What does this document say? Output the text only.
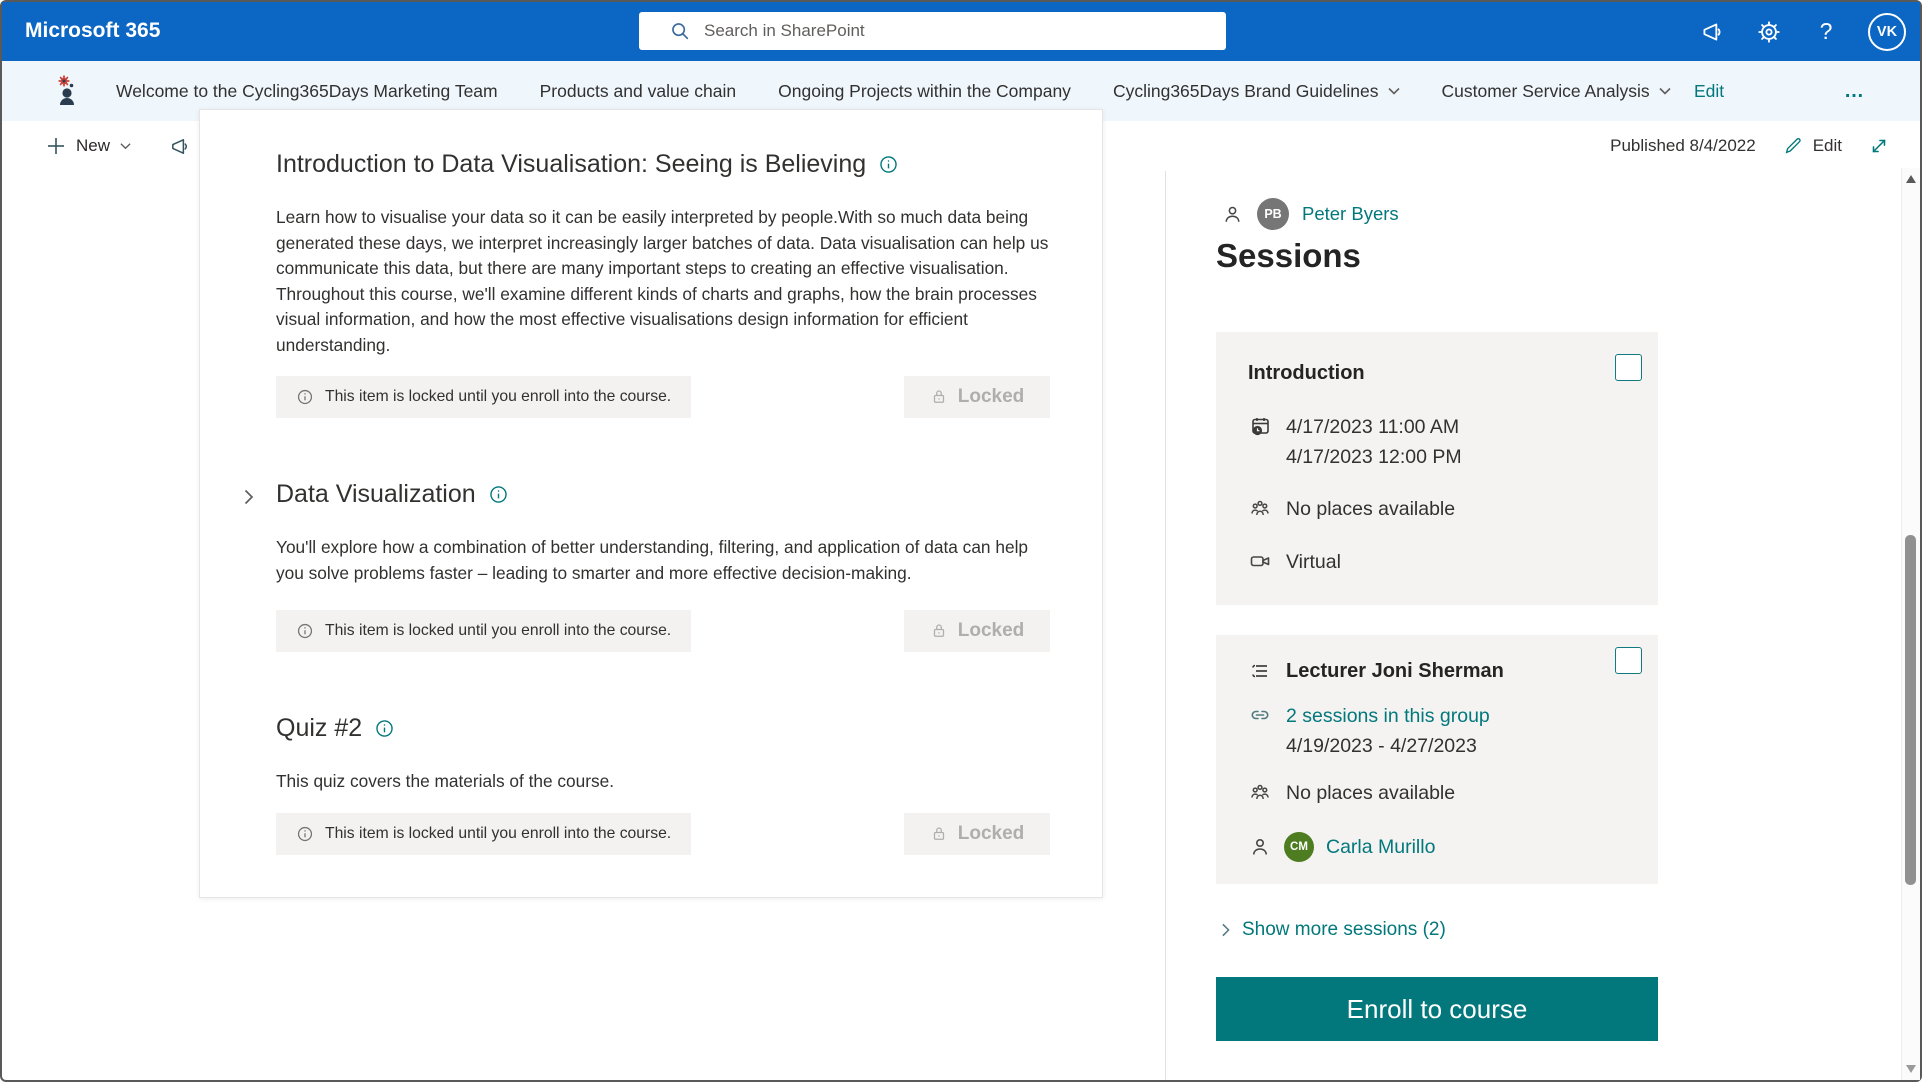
Microsoft 365
Search in SharePoint	?	VK
Welcome to the Cycling365Days Marketing Team Products and value chain Ongoing Projects within the Company Cycling365Days Brand Guidelines	Customer Service Analysis	Edit	…
New	Published 8/4/2022	Edit
Introduction to Data Visualisation: Seeing is Believing

Learn how to visualise your data so it can be easily interpreted by people.With so much data being generated these days, we interpret increasingly larger batches of data. Data visualisation can help us communicate this data, but there are many important steps to creating an effective visualisation. Throughout this course, we'll examine different kinds of charts and graphs, how the brain processes visual information, and how the most effective visualisations design information for efficient understanding.

This item is locked until you enroll into the course.	Locked
Data Visualization

You'll explore how a combination of better understanding, filtering, and application of data can help you solve problems faster – leading to smarter and more effective decision-making.

This item is locked until you enroll into the course.	Locked
Quiz #2

This quiz covers the materials of the course.

This item is locked until you enroll into the course.	Locked
PB	Peter Byers
Sessions
Introduction
4/17/2023 11:00 AM
4/17/2023 12:00 PM
No places available
Virtual
Lecturer Joni Sherman
2 sessions in this group
4/19/2023 - 4/27/2023
No places available
CM Carla Murillo
Show more sessions (2)
Enroll to course
